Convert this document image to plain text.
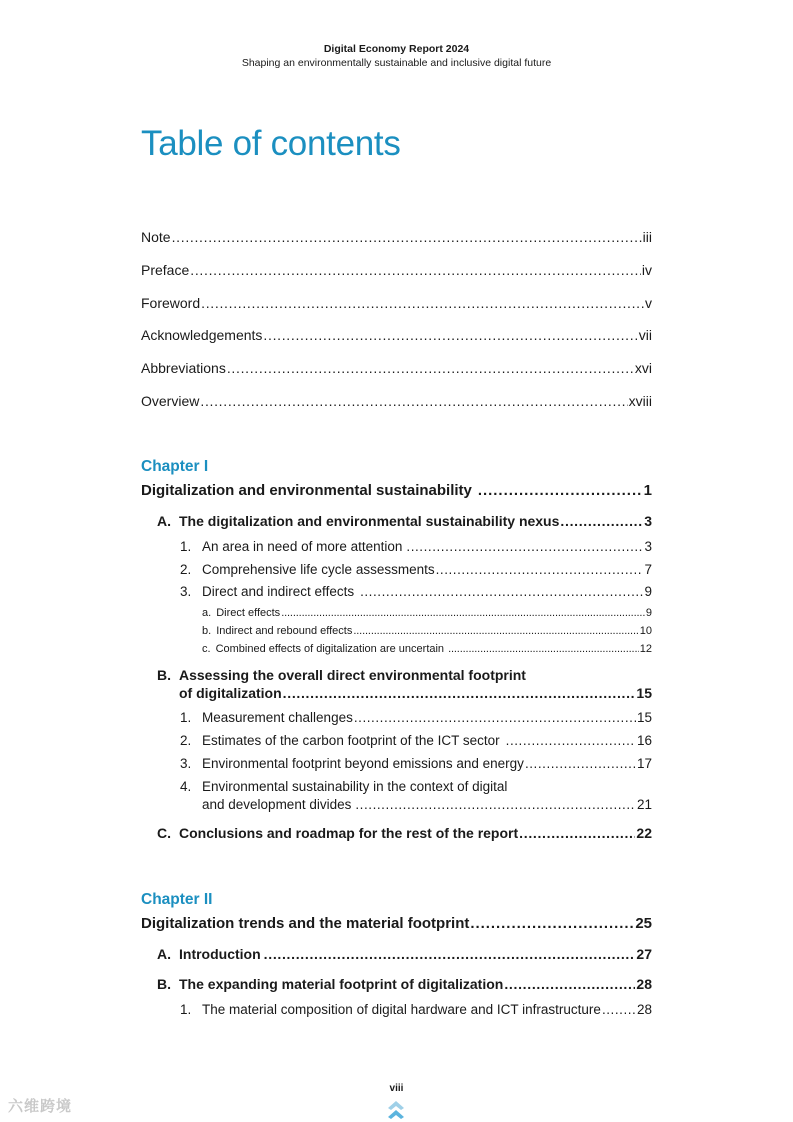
Digital Economy Report 2024
Shaping an environmentally sustainable and inclusive digital future
Table of contents
Note . . .	iii
Preface . . .	iv
Foreword . . .	v
Acknowledgements . . .	vii
Abbreviations . . .	xvi
Overview . . .	xviii
Chapter I
Digitalization and environmental sustainability . . .	1
A. The digitalization and environmental sustainability nexus . . .	3
1. An area in need of more attention . . .	3
2. Comprehensive life cycle assessments . . .	7
3. Direct and indirect effects . . .	9
a. Direct effects . . .	9
b. Indirect and rebound effects . . .	10
c. Combined effects of digitalization are uncertain . . .	12
B. Assessing the overall direct environmental footprint
of digitalization . . .	15
1. Measurement challenges . . .	15
2. Estimates of the carbon footprint of the ICT sector . . .	16
3. Environmental footprint beyond emissions and energy . . .	17
4. Environmental sustainability in the context of digital
and development divides . . .	21
C. Conclusions and roadmap for the rest of the report . . .	22
Chapter II
Digitalization trends and the material footprint . . .	25
A. Introduction . . .	27
B. The expanding material footprint of digitalization . . .	28
1. The material composition of digital hardware and ICT infrastructure . . .	28
viii
六维跨境
